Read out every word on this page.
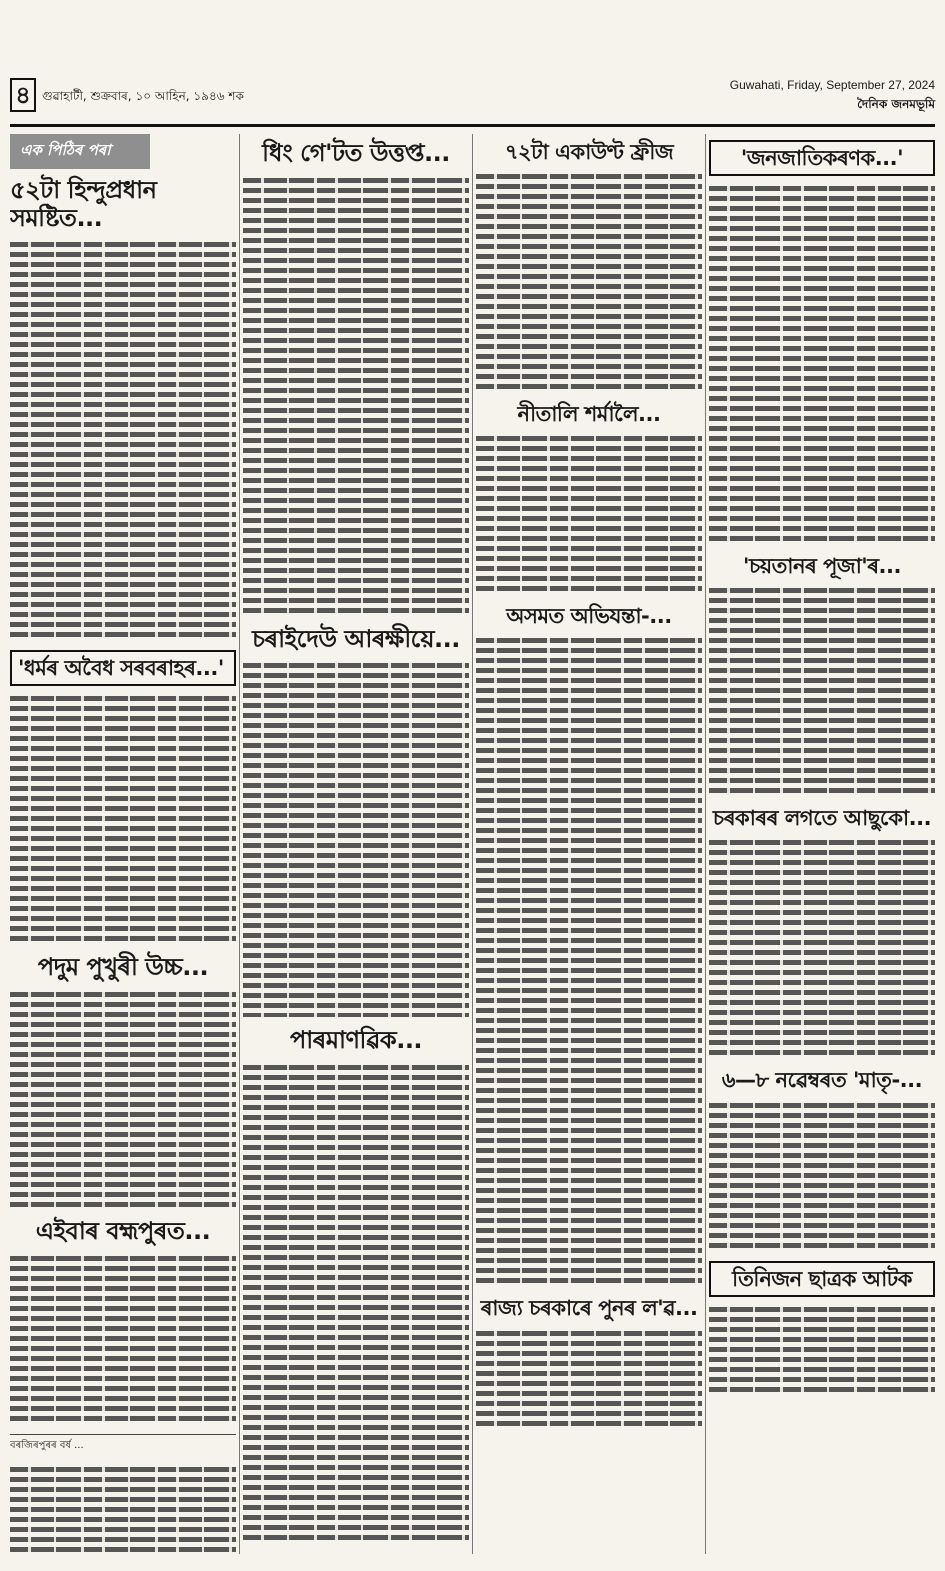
৪ গুৱাহাটী, শুক্ৰবাৰ, ১০ আহিন, ১৯৪৬ শক
Guwahati, Friday, September 27, 2024
দৈনিক জনমভূমি
এক পিঠিৰ পৰা
৫২টা হিন্দুপ্ৰধান সমষ্টিত...
'ধৰ্মৰ অবৈধ সৰবৰাহৰ...'
পদুম পুখুৰী উচ্চ...
এইবাৰ বহ্মপুৰত...
বৰজিৰপুৰৰ বৰ্ষ ...
ধিং গে'টত উত্তপ্ত...
চৰাইদেউ আৰক্ষীয়ে...
পাৰমাণৱিক...
৭২টা একাউণ্ট ফ্ৰীজ
নীতালি শৰ্মালৈ...
অসমত অভিযন্তা-...
ৰাজ্য চৰকাৰে পুনৰ ল'ৱ...
'জনজাতিকৰণক...'
'চয়তানৰ পূজা'ৰ...
চৰকাৰৰ লগতে আছুকো...
৬—৮ নৱেম্বৰত 'মাতৃ-...
তিনিজন ছাত্ৰক আটক
